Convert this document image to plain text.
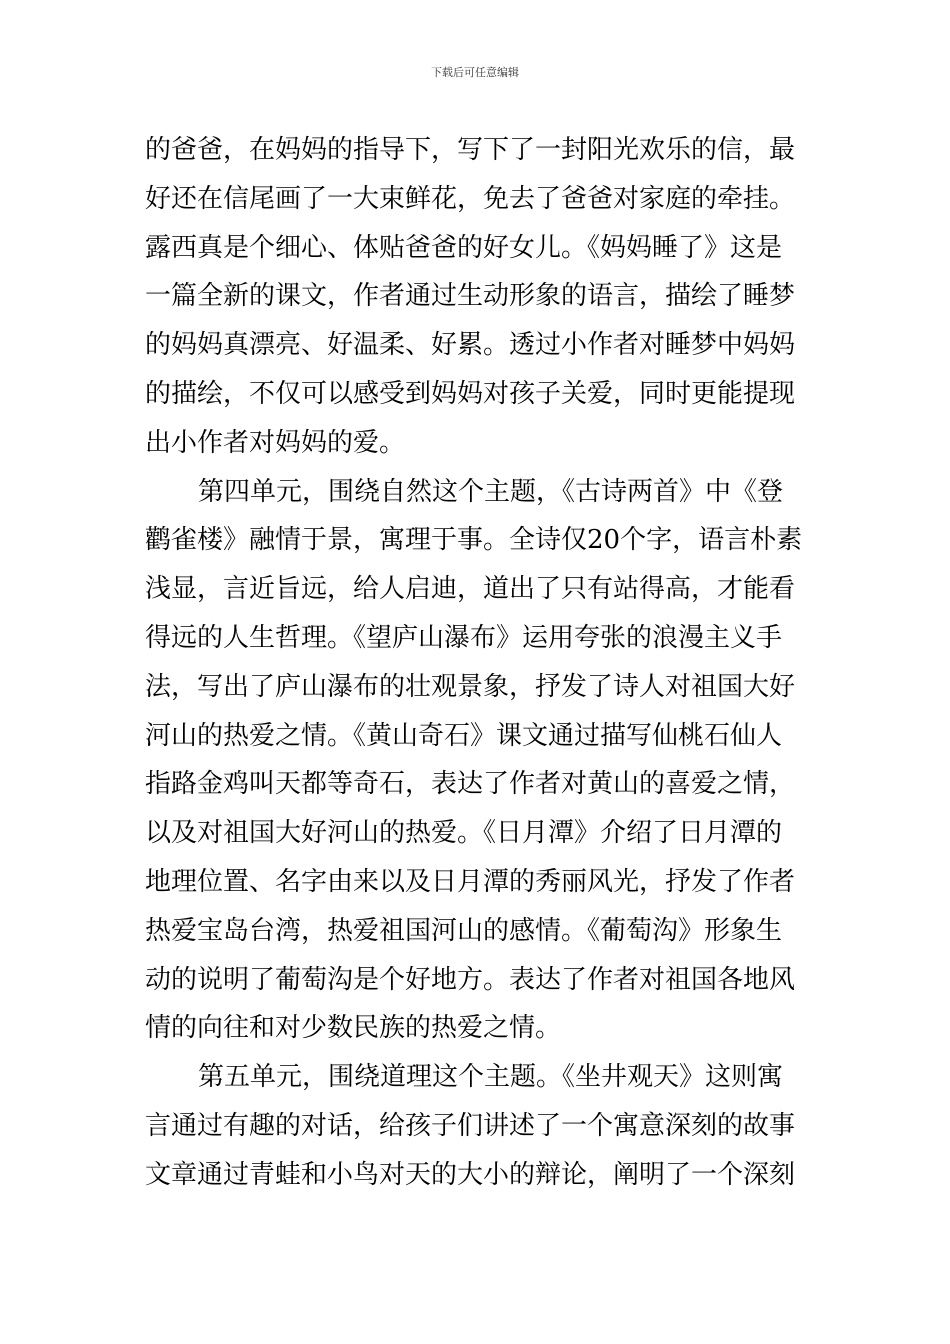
下载后可任意编辑
的爸爸，在妈妈的指导下，写下了一封阳光欢乐的信，最
好还在信尾画了一大束鲜花，免去了爸爸对家庭的牵挂。
露西真是个细心、体贴爸爸的好女儿。《妈妈睡了》这是
一篇全新的课文，作者通过生动形象的语言，描绘了睡梦
的妈妈真漂亮、好温柔、好累。透过小作者对睡梦中妈妈
的描绘，不仅可以感受到妈妈对孩子关爱，同时更能提现
出小作者对妈妈的爱。
第四单元，围绕自然这个主题，《古诗两首》中《登
鹳雀楼》融情于景，寓理于事。全诗仅20个字，语言朴素
浅显，言近旨远，给人启迪，道出了只有站得高，才能看
得远的人生哲理。《望庐山瀑布》运用夸张的浪漫主义手
法，写出了庐山瀑布的壮观景象，抒发了诗人对祖国大好
河山的热爱之情。《黄山奇石》课文通过描写仙桃石仙人
指路金鸡叫天都等奇石，表达了作者对黄山的喜爱之情，
以及对祖国大好河山的热爱。《日月潭》介绍了日月潭的
地理位置、名字由来以及日月潭的秀丽风光，抒发了作者
热爱宝岛台湾，热爱祖国河山的感情。《葡萄沟》形象生
动的说明了葡萄沟是个好地方。表达了作者对祖国各地风
情的向往和对少数民族的热爱之情。
第五单元，围绕道理这个主题。《坐井观天》这则寓
言通过有趣的对话，给孩子们讲述了一个寓意深刻的故事
文章通过青蛙和小鸟对天的大小的辩论，阐明了一个深刻
